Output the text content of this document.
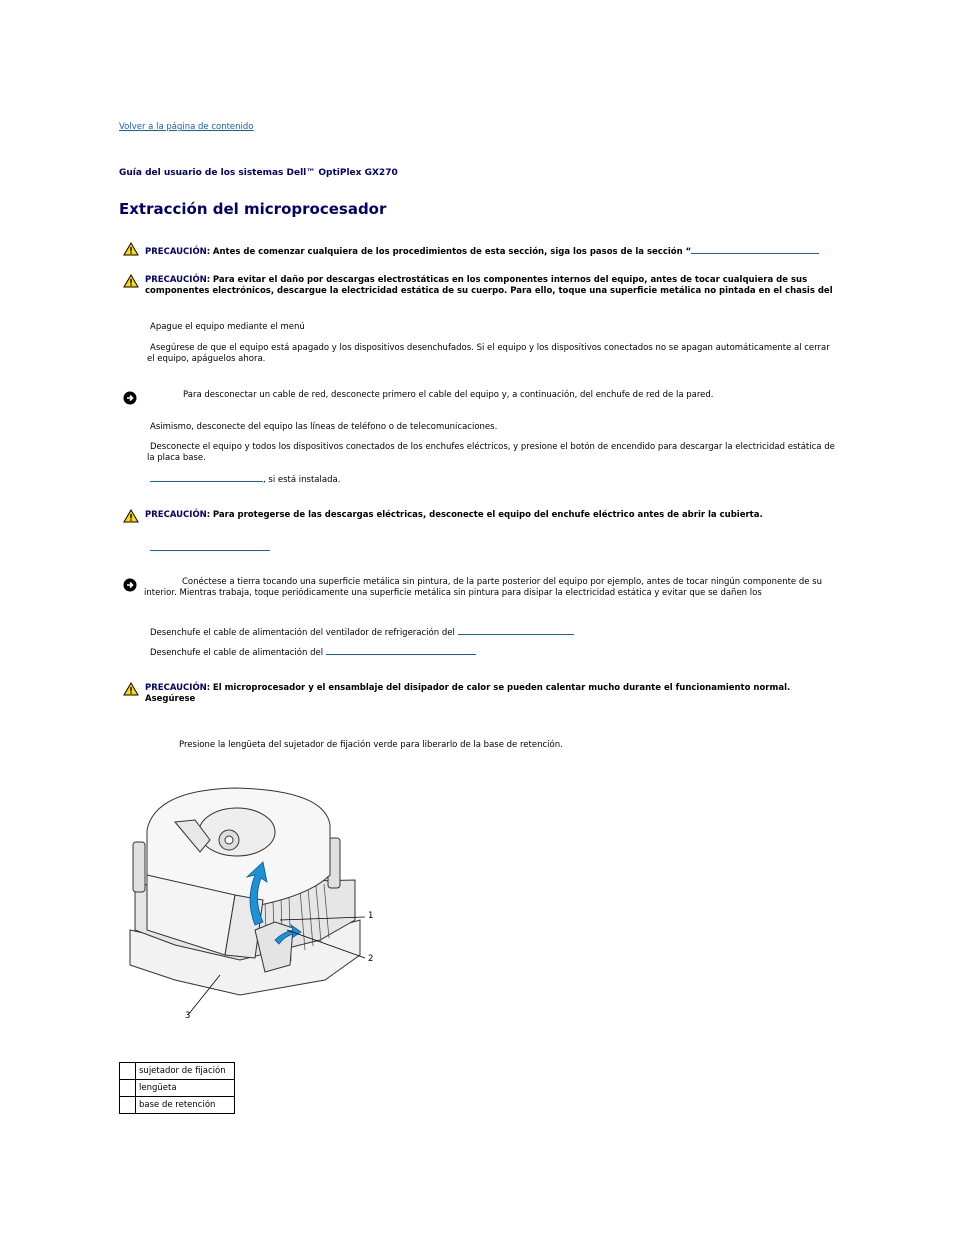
Volver a la página de contenido
Guía del usuario de los sistemas Dell™ OptiPlex GX270
Extracción del microprocesador
PRECAUCIÓN: Antes de comenzar cualquiera de los procedimientos de esta sección, siga los pasos de la sección “
PRECAUCIÓN: Para evitar el daño por descargas electrostáticas en los componentes internos del equipo, antes de tocar cualquiera de sus componentes electrónicos, descargue la electricidad estática de su cuerpo. Para ello, toque una superficie metálica no pintada en el chasis del
Apague el equipo mediante el menú
Asegúrese de que el equipo está apagado y los dispositivos desenchufados. Si el equipo y los dispositivos conectados no se apagan automáticamente al cerrar el equipo, apáguelos ahora.
Para desconectar un cable de red, desconecte primero el cable del equipo y, a continuación, del enchufe de red de la pared.
Asimismo, desconecte del equipo las líneas de teléfono o de telecomunicaciones.
Desconecte el equipo y todos los dispositivos conectados de los enchufes eléctricos, y presione el botón de encendido para descargar la electricidad estática de la placa base.
, si está instalada.
PRECAUCIÓN: Para protegerse de las descargas eléctricas, desconecte el equipo del enchufe eléctrico antes de abrir la cubierta.
Conéctese a tierra tocando una superficie metálica sin pintura, de la parte posterior del equipo por ejemplo, antes de tocar ningún componente de su interior. Mientras trabaja, toque periódicamente una superficie metálica sin pintura para disipar la electricidad estática y evitar que se dañen los
Desenchufe el cable de alimentación del ventilador de refrigeración del
Desenchufe el cable de alimentación del
PRECAUCIÓN: El microprocesador y el ensamblaje del disipador de calor se pueden calentar mucho durante el funcionamiento normal. Asegúrese
Presione la lengüeta del sujetador de fijación verde para liberarlo de la base de retención.
1
2
3
	sujetador de fijación
	lengüeta
	base de retención
